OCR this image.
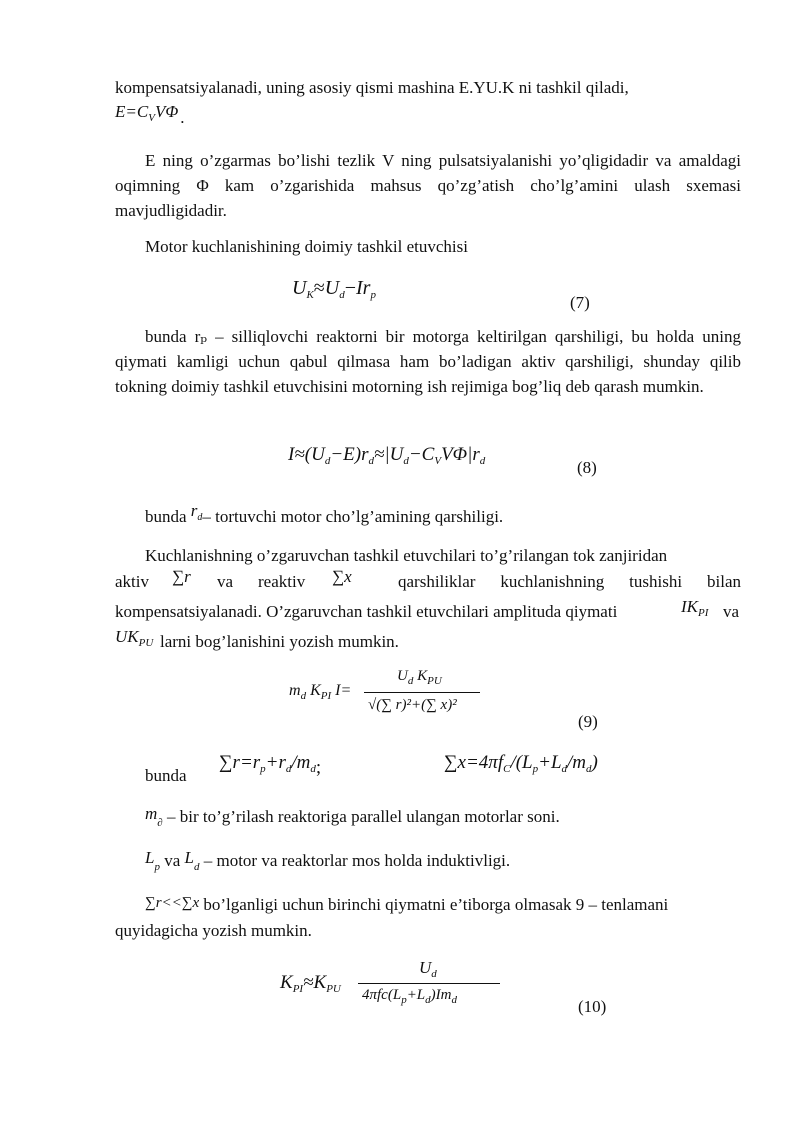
kompensatsiyalanadi, uning asosiy qismi mashina E.YU.K ni tashkil qiladi,

$E=C_VV\Phi$ .

E ning o’zgarmas bo’lishi tezlik V ning pulsatsiyalanishi yo’qligidadir va amaldagi oqimning Φ kam o’zgarishida mahsus qo’zg’atish cho’lg’amini ulash sxemasi mavjudligidadir.

Motor kuchlanishining doimiy tashkil etuvchisi

$U_K\approx U_d-Ir_p$	(7)

bunda rₚ – silliqlovchi reaktorni bir motorga keltirilgan qarshiligi, bu holda uning qiymati kamligi uchun qabul qilmasa ham bo’ladigan aktiv qarshiligi, shunday qilib tokning doimiy tashkil etuvchisini motorning ish rejimiga bog’liq deb qarash mumkin.

$I\approx(U_d-E)r_d\approx|U_d-C_VV\Phi|r_d$	(8)
bunda $r_d-$ tortuvchi motor cho’lg’amining qarshiligi.

Kuchlanishning o’zgaruvchan tashkil etuvchilari to’g’rilangan tok zanjiridan

aktiv ∑r va reaktiv ∑x	qarshiliklar kuchlanishning tushishi bilan
kompensatsiyalanadi. O’zgaruvchan tashkil etuvchilari amplituda qiymati	$IK_{PI}$ va
$UK_{PU}$ larni bog’lanishini yozish mumkin.
$m_d$ $K_{PI}$ I=
$U_d$ $K_{PU}$
√(∑ r)²+(∑ x)²
(9)
bunda
$\sum r=r_p+r_d/m_d$;	$\sum x=4\pi f_C/(L_p+L_d/m_d)$
$m_\partial$ – bir to’g’rilash reaktoriga parallel ulangan motorlar soni.
$L_p$ va $L_d$ – motor va reaktorlar mos holda induktivligi.
∑r<<∑x bo’lganligi uchun birinchi qiymatni e’tiborga olmasak 9 – tenlamani
quyidagicha yozish mumkin.
$K_{PI}\approx K_{PU}$
$U_d$
$4\pi fc(L_p+L_d)Im_d$	(10)
